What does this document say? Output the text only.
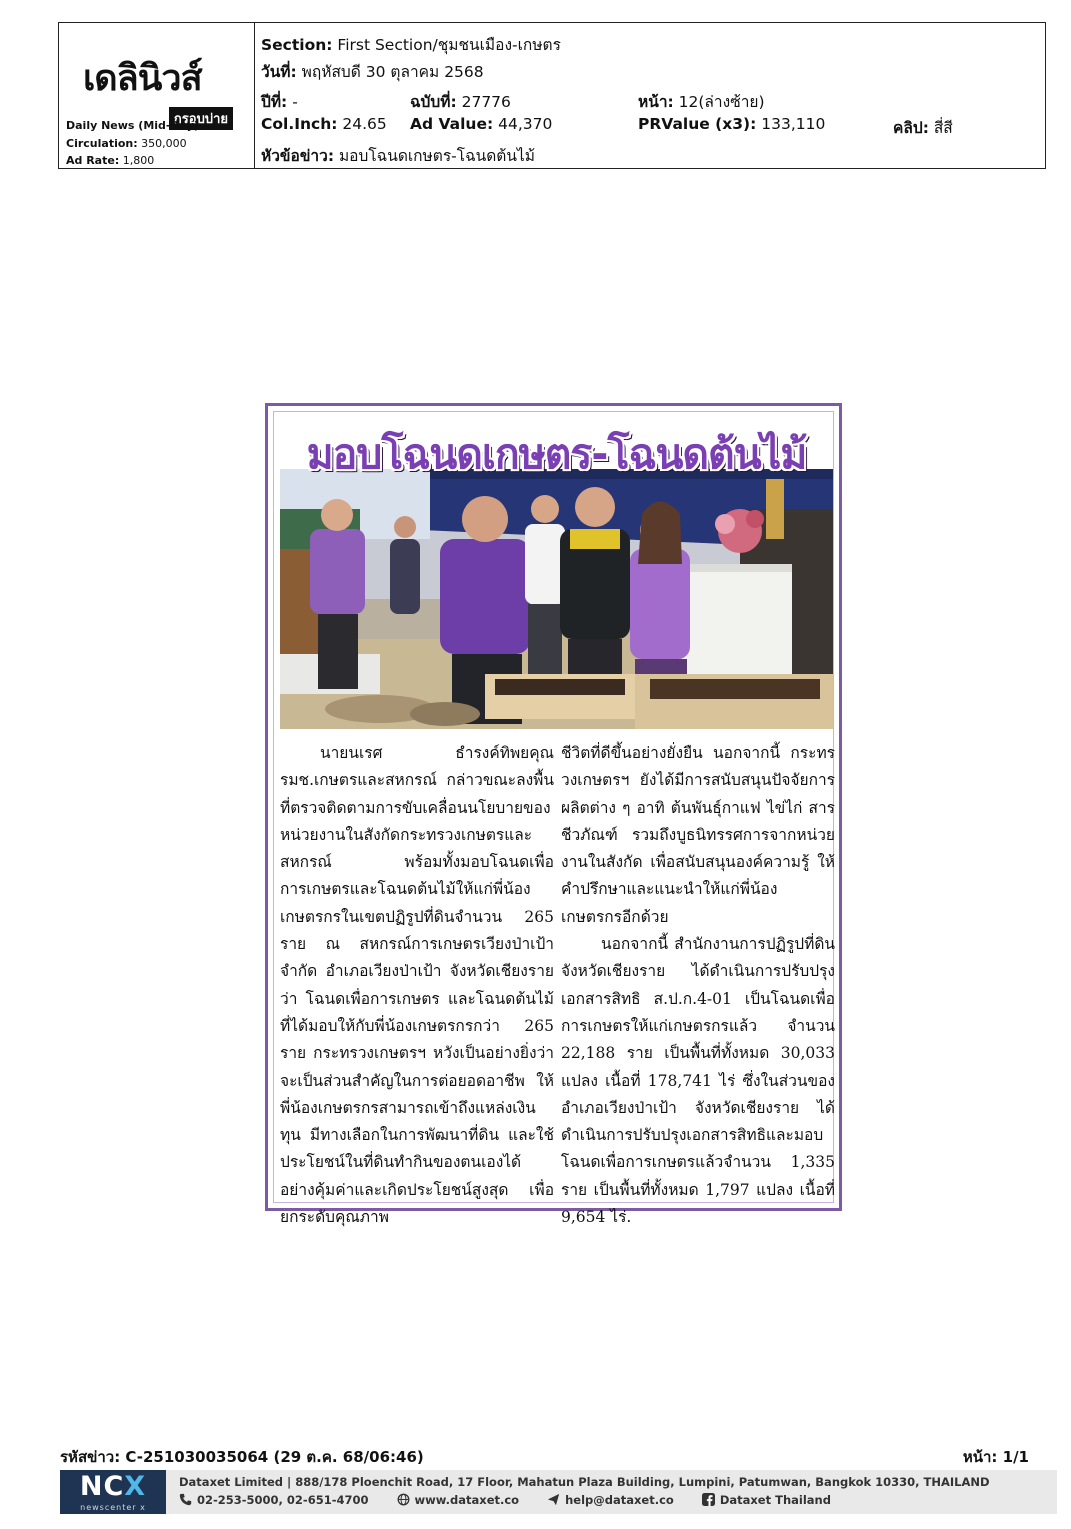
เดลินิวส์
กรอบบ่าย
Daily News (Mid-Day)
Circulation: 350,000
Ad Rate: 1,800
Section: First Section/ชุมชนเมือง-เกษตร
วันที่: พฤหัสบดี 30 ตุลาคม 2568
ปีที่: -	ฉบับที่: 27776	หน้า: 12(ล่างซ้าย)
Col.Inch: 24.65 Ad Value: 44,370	PRValue (x3): 133,110	คลิป: สี่สี
หัวข้อข่าว: มอบโฉนดเกษตร-โฉนดต้นไม้
มอบโฉนดเกษตร-โฉนดต้นไม้

นายนเรศ ธำรงค์ทิพยคุณ รมช.เกษตรและสหกรณ์ กล่าวขณะลงพื้นที่ตรวจติดตามการขับเคลื่อนนโยบายของหน่วยงานในสังกัดกระทรวงเกษตรและสหกรณ์ พร้อมทั้งมอบโฉนดเพื่อการเกษตรและโฉนดต้นไม้ให้แก่พี่น้องเกษตรกรในเขตปฏิรูปที่ดินจำนวน 265 ราย ณ สหกรณ์การเกษตรเวียงป่าเป้า จำกัด อำเภอเวียงป่าเป้า จังหวัดเชียงราย ว่า โฉนดเพื่อการเกษตร และโฉนดต้นไม้ที่ได้มอบให้กับพี่น้องเกษตรกรกว่า 265 ราย กระทรวงเกษตรฯ หวังเป็นอย่างยิ่งว่าจะเป็นส่วนสำคัญในการต่อยอดอาชีพ ให้พี่น้องเกษตรกรสามารถเข้าถึงแหล่งเงินทุน มีทางเลือกในการพัฒนาที่ดิน และใช้ประโยชน์ในที่ดินทำกินของตนเองได้อย่างคุ้มค่าและเกิดประโยชน์สูงสุด เพื่อยกระดับคุณภาพ

ชีวิตที่ดีขึ้นอย่างยั่งยืน นอกจากนี้ กระทรวงเกษตรฯ ยังได้มีการสนับสนุนปัจจัยการผลิตต่าง ๆ อาทิ ต้นพันธุ์กาแฟ ไข่ไก่ สารชีวภัณฑ์ รวมถึงบูธนิทรรศการจากหน่วยงานในสังกัด เพื่อสนับสนุนองค์ความรู้ ให้คำปรึกษาและแนะนำให้แก่พี่น้องเกษตรกรอีกด้วย

นอกจากนี้ สำนักงานการปฏิรูปที่ดินจังหวัดเชียงราย ได้ดำเนินการปรับปรุงเอกสารสิทธิ ส.ป.ก.4-01 เป็นโฉนดเพื่อการเกษตรให้แก่เกษตรกรแล้ว จำนวน 22,188 ราย เป็นพื้นที่ทั้งหมด 30,033 แปลง เนื้อที่ 178,741 ไร่ ซึ่งในส่วนของอำเภอเวียงป่าเป้า จังหวัดเชียงราย ได้ดำเนินการปรับปรุงเอกสารสิทธิและมอบโฉนดเพื่อการเกษตรแล้วจำนวน 1,335 ราย เป็นพื้นที่ทั้งหมด 1,797 แปลง เนื้อที่ 9,654 ไร่.

รหัสข่าว: C-251030035064 (29 ต.ค. 68/06:46)	หน้า: 1/1
NCX
newscenter x
Dataxet Limited | 888/178 Ploenchit Road, 17 Floor, Mahatun Plaza Building, Lumpini, Patumwan, Bangkok 10330, THAILAND
02-253-5000, 02-651-4700	www.dataxet.co	help@dataxet.co	Dataxet Thailand
